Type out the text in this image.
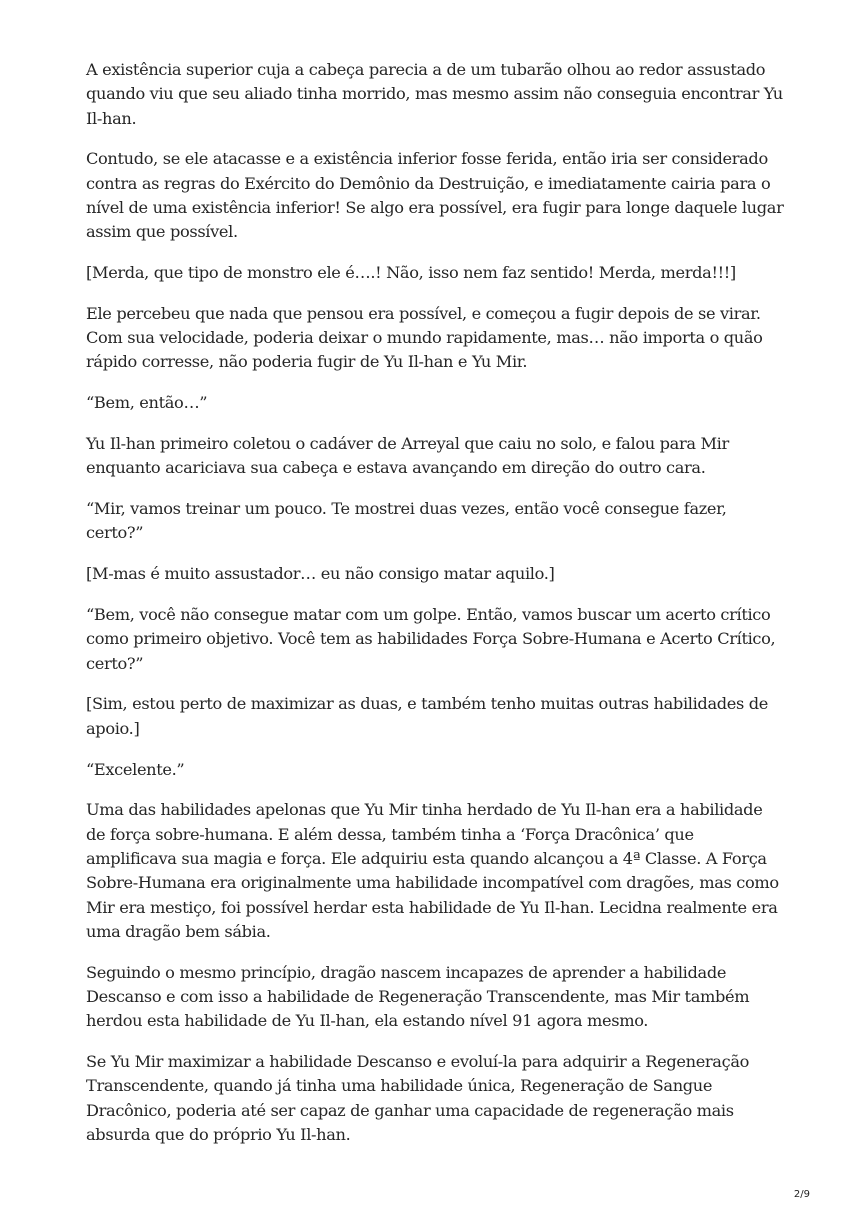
A existência superior cuja a cabeça parecia a de um tubarão olhou ao redor assustado quando viu que seu aliado tinha morrido, mas mesmo assim não conseguia encontrar Yu Il-han.

Contudo, se ele atacasse e a existência inferior fosse ferida, então iria ser considerado contra as regras do Exército do Demônio da Destruição, e imediatamente cairia para o nível de uma existência inferior! Se algo era possível, era fugir para longe daquele lugar assim que possível.

[Merda, que tipo de monstro ele é….! Não, isso nem faz sentido! Merda, merda!!!]

Ele percebeu que nada que pensou era possível, e começou a fugir depois de se virar. Com sua velocidade, poderia deixar o mundo rapidamente, mas… não importa o quão rápido corresse, não poderia fugir de Yu Il-han e Yu Mir.

“Bem, então…”

Yu Il-han primeiro coletou o cadáver de Arreyal que caiu no solo, e falou para Mir enquanto acariciava sua cabeça e estava avançando em direção do outro cara.

“Mir, vamos treinar um pouco. Te mostrei duas vezes, então você consegue fazer, certo?”

[M-mas é muito assustador… eu não consigo matar aquilo.]

“Bem, você não consegue matar com um golpe. Então, vamos buscar um acerto crítico como primeiro objetivo. Você tem as habilidades Força Sobre-Humana e Acerto Crítico, certo?”

[Sim, estou perto de maximizar as duas, e também tenho muitas outras habilidades de apoio.]

“Excelente.”

Uma das habilidades apelonas que Yu Mir tinha herdado de Yu Il-han era a habilidade de força sobre-humana. E além dessa, também tinha a ‘Força Dracônica’ que amplificava sua magia e força. Ele adquiriu esta quando alcançou a 4ª Classe. A Força Sobre-Humana era originalmente uma habilidade incompatível com dragões, mas como Mir era mestiço, foi possível herdar esta habilidade de Yu Il-han. Lecidna realmente era uma dragão bem sábia.

Seguindo o mesmo princípio, dragão nascem incapazes de aprender a habilidade Descanso e com isso a habilidade de Regeneração Transcendente, mas Mir também herdou esta habilidade de Yu Il-han, ela estando nível 91 agora mesmo.

Se Yu Mir maximizar a habilidade Descanso e evoluí-la para adquirir a Regeneração Transcendente, quando já tinha uma habilidade única, Regeneração de Sangue Dracônico, poderia até ser capaz de ganhar uma capacidade de regeneração mais absurda que do próprio Yu Il-han.

2/9
